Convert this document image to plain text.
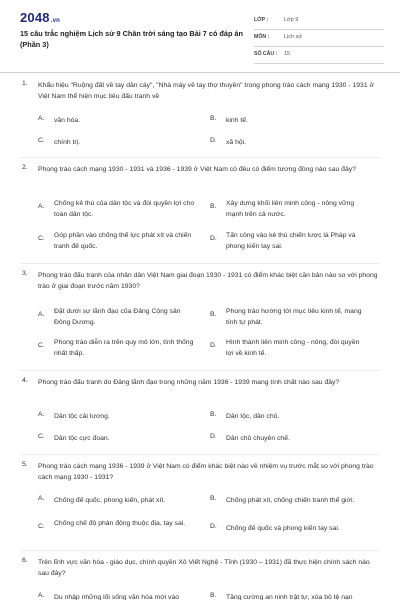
2048.vn
15 câu trắc nghiệm Lịch sử 9 Chân trời sáng tạo Bài 7 có đáp án (Phần 3)
LỚP :	Lớp 9
MÔN :	Lịch sử
SỐ CÂU : 15
1. Khẩu hiệu "Ruộng đất về tay dân cày", "Nhà máy về tay thợ thuyền" trong phong trào cách mạng 1930 - 1931 ở Việt Nam thể hiện mục tiêu đấu tranh về
A. văn hóa.	B. kinh tế.
C. chính trị.	D. xã hội.
2. Phong trào cách mạng 1930 - 1931 và 1936 - 1939 ở Việt Nam có đều có điểm tương đồng nào sau đây?
A. Chống kẻ thù của dân tộc và đòi quyền lợi cho toàn dân tộc.
B. Xây dựng khối liên minh công - nông vững mạnh trên cả nước.
C. Góp phần vào chống thế lực phát xít và chiến tranh đế quốc.
D. Tấn công vào kẻ thù chiến lược là Pháp và phong kiến tay sai.
3. Phong trào đấu tranh của nhân dân Việt Nam giai đoạn 1930 - 1931 có điểm khác biệt căn bản nào so với phong trào ở giai đoạn trước năm 1930?
A. Đặt dưới sự lãnh đạo của Đảng Cộng sản Đông Dương.
B. Phong trào hướng tới mục tiêu kinh tế, mang tính tự phát.
C. Phong trào diễn ra trên quy mô lớn, tính thống nhất thấp.
D. Hình thành liên minh công - nông, đòi quyền lợi về kinh tế.
4. Phong trào đấu tranh do Đảng lãnh đạo trong những năm 1936 - 1939 mang tính chất nào sau đây?
A. Dân tộc cải lương.	B. Dân tộc, dân chủ.
C. Dân tộc cực đoan.	D. Dân chủ chuyên chế.
5. Phong trào cách mạng 1936 - 1939 ở Việt Nam có điểm khác biệt nào về nhiệm vụ trước mắt so với phong trào cách mạng 1930 - 1931?
A. Chống đế quốc, phong kiến, phát xít.	B. Chống phát xít, chống chiến tranh thế giới.
C. Chống chế độ phản động thuộc địa, tay sai.	D. Chống đế quốc và phong kiến tay sai.
6. Trên lĩnh vực văn hóa - giáo dục, chính quyền Xô Viết Nghệ - Tĩnh (1930 – 1931) đã thực hiện chính sách nào sau đây?
A. Du nhập những lối sống văn hóa mới vào	B. Tăng cường an ninh trật tự, xóa bỏ tệ nạn
